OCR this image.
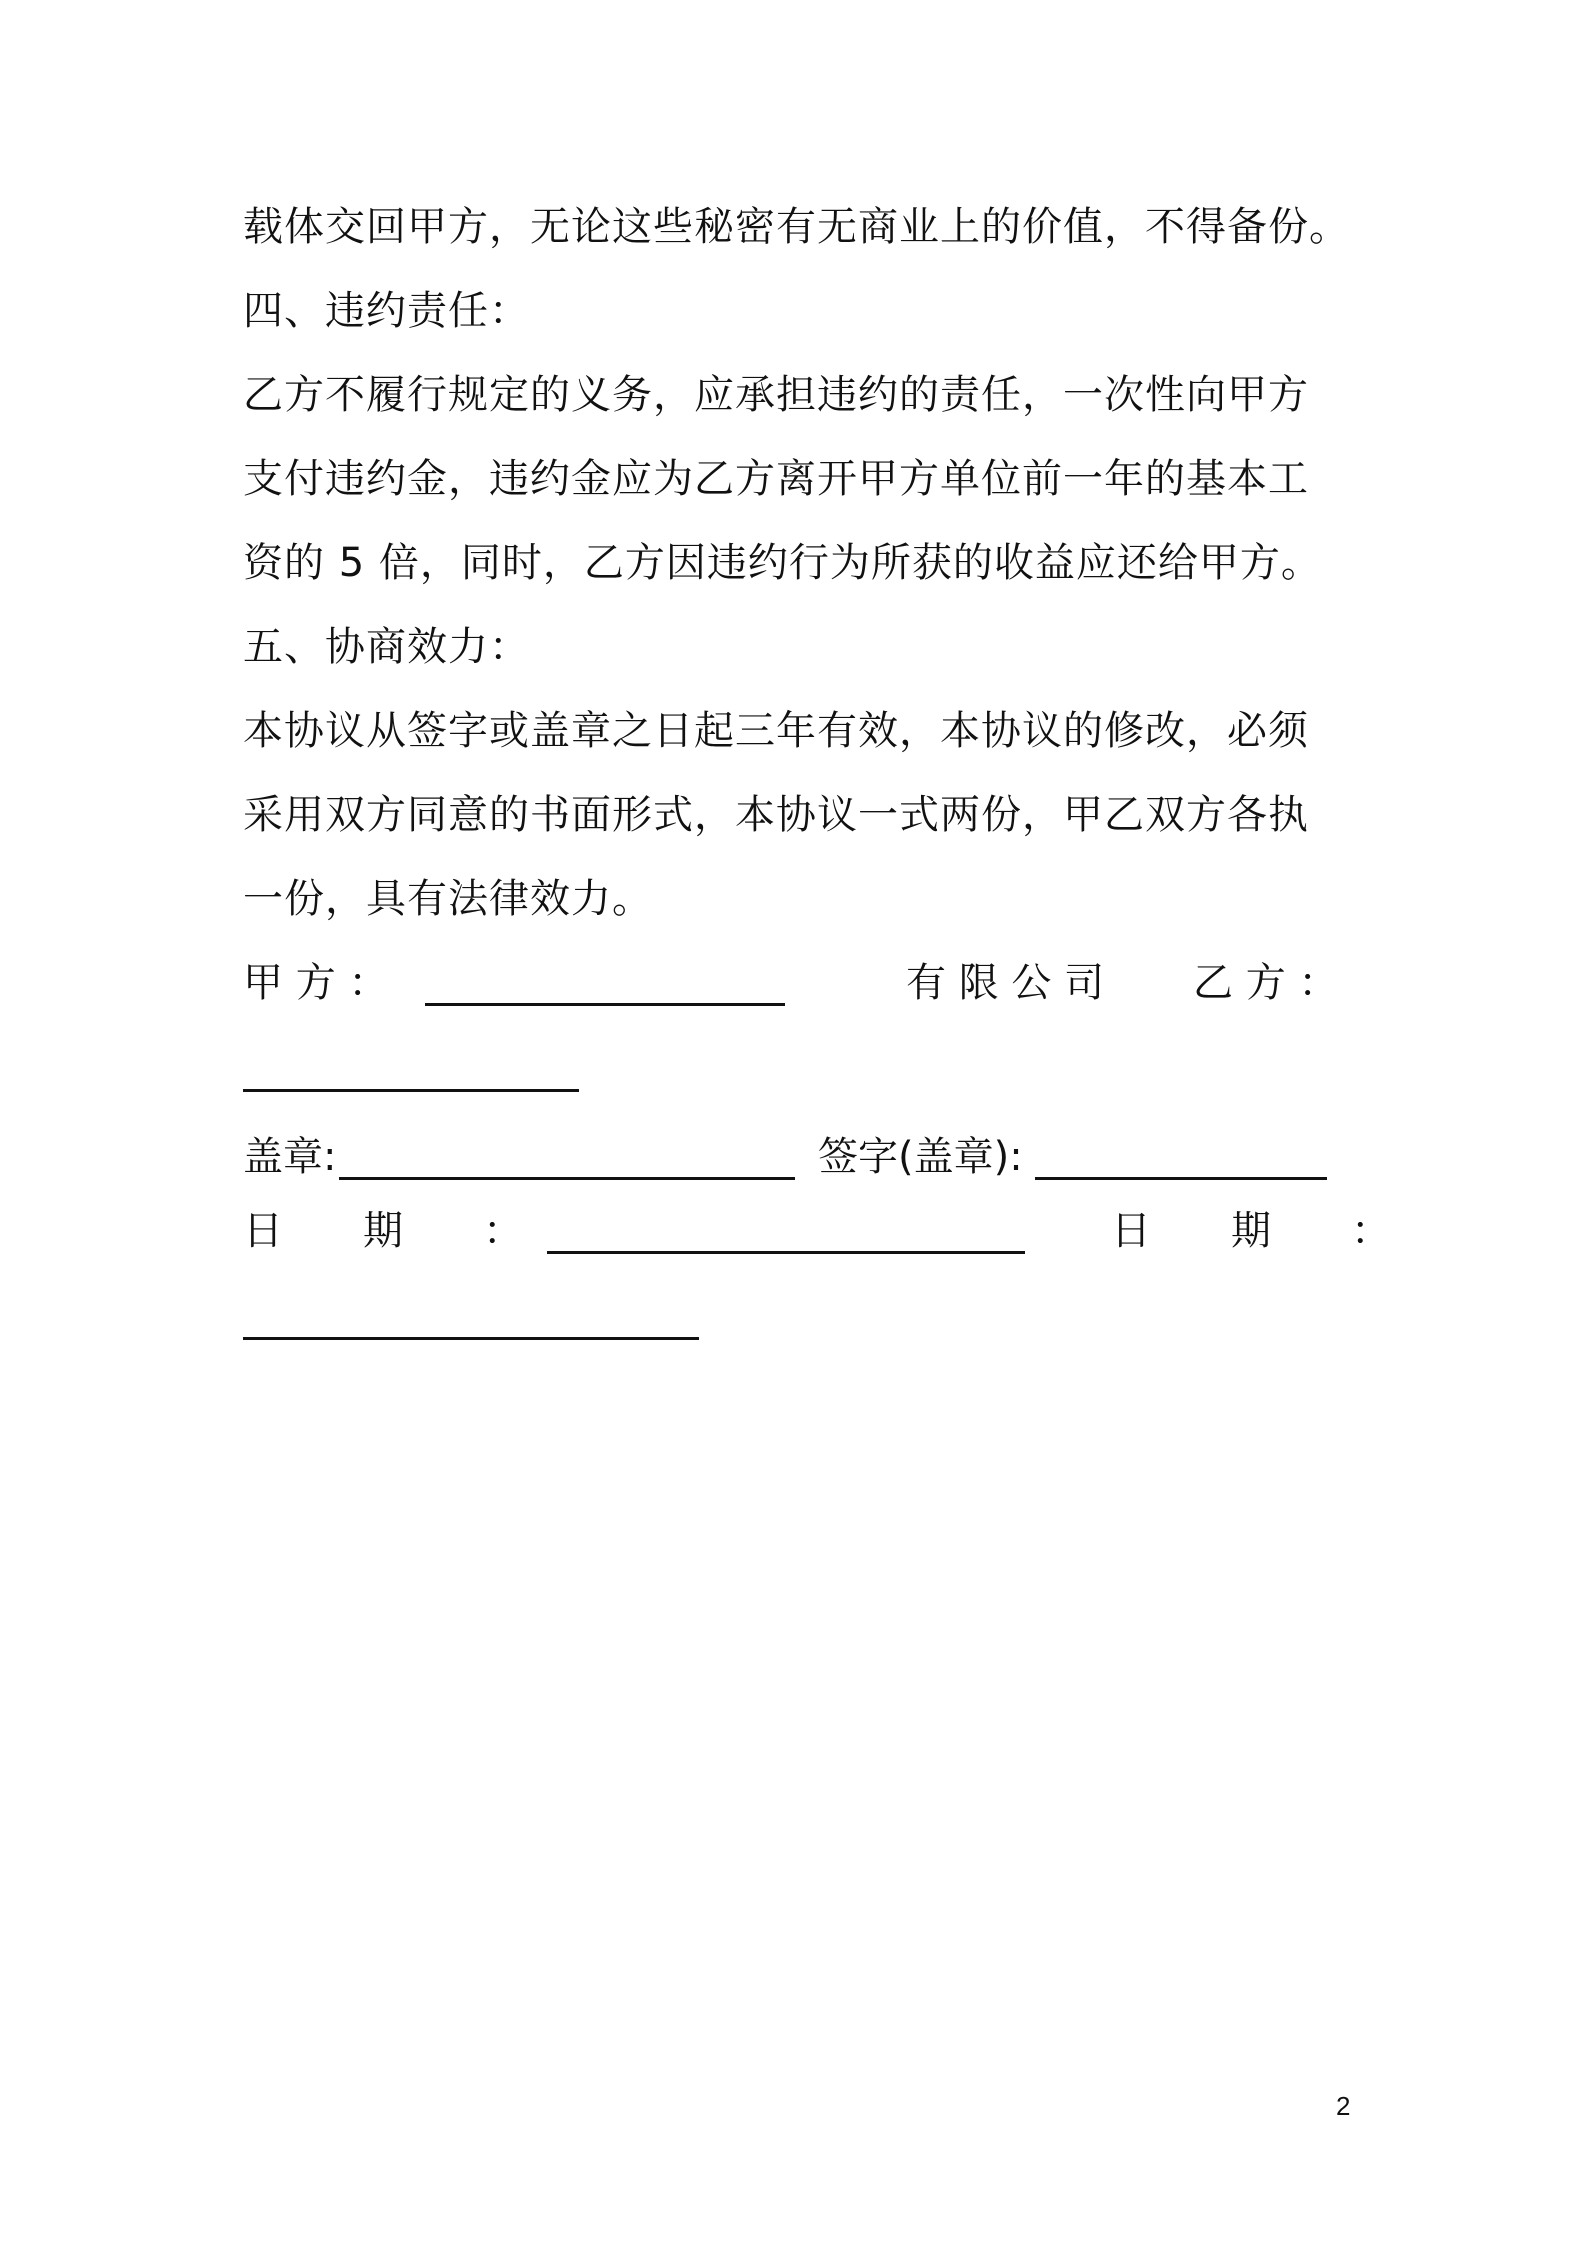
载体交回甲方，无论这些秘密有无商业上的价值，不得备份。
四、违约责任：
乙方不履行规定的义务，应承担违约的责任，一次性向甲方
支付违约金，违约金应为乙方离开甲方单位前一年的基本工
资的 5 倍，同时，乙方因违约行为所获的收益应还给甲方。
五、协商效力：
本协议从签字或盖章之日起三年有效，本协议的修改，必须
采用双方同意的书面形式，本协议一式两份，甲乙双方各执
一份，具有法律效力。
甲 方 ：	有 限 公 司 乙 方 ：
盖章:	签字(盖章):
日　　期　　：	日　　期　　：
2
